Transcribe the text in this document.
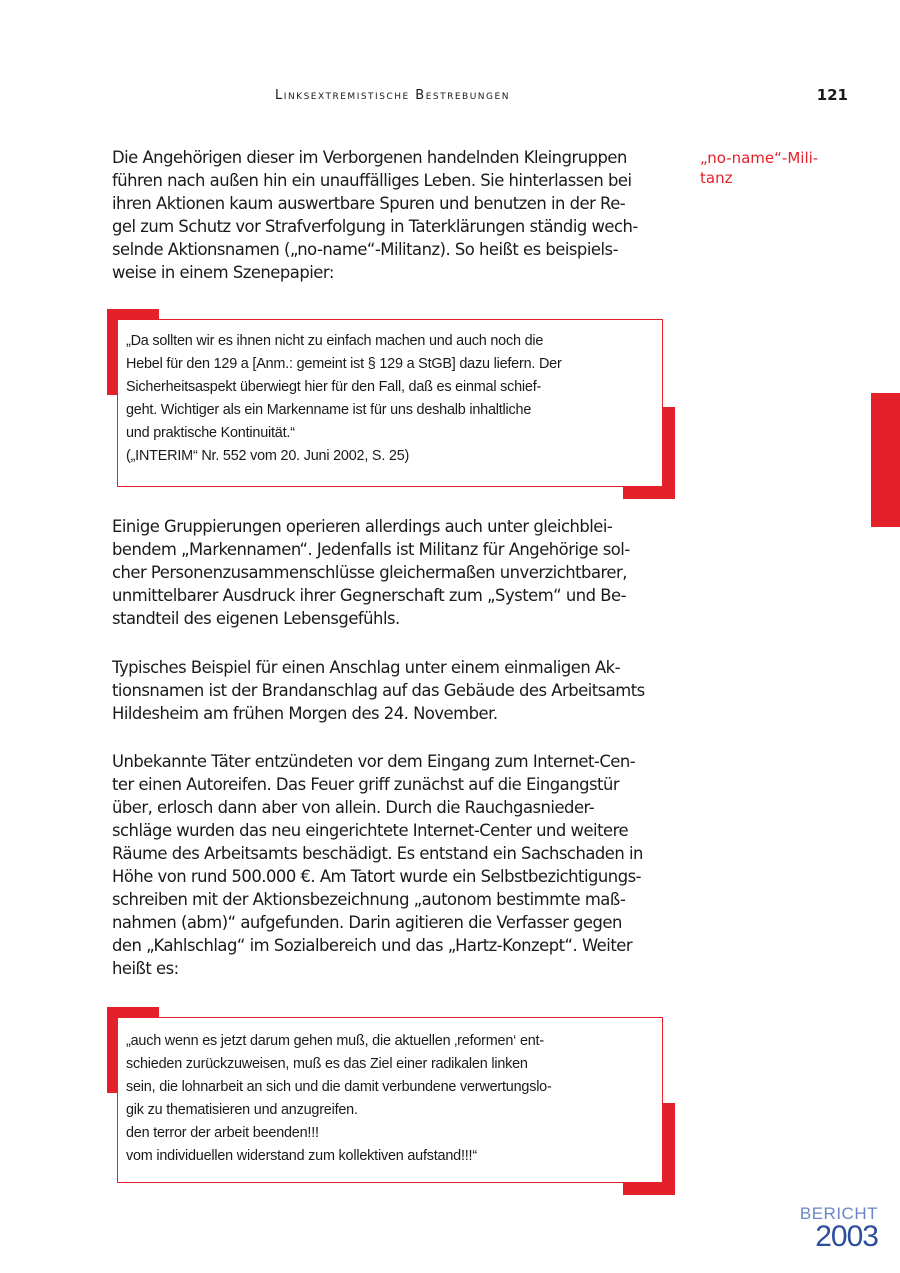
Linksextremistische Bestrebungen	121
„no-name“-Mili-
tanz

Die Angehörigen dieser im Verborgenen handelnden Kleingruppen
führen nach außen hin ein unauffälliges Leben. Sie hinterlassen bei
ihren Aktionen kaum auswertbare Spuren und benutzen in der Re-
gel zum Schutz vor Strafverfolgung in Taterklärungen ständig wech-
selnde Aktionsnamen („no-name“-Militanz). So heißt es beispiels-
weise in einem Szenepapier:

„Da sollten wir es ihnen nicht zu einfach machen und auch noch die
Hebel für den 129 a [Anm.: gemeint ist § 129 a StGB] dazu liefern. Der
Sicherheitsaspekt überwiegt hier für den Fall, daß es einmal schief-
geht. Wichtiger als ein Markenname ist für uns deshalb inhaltliche
und praktische Kontinuität.“
(„INTERIM“ Nr. 552 vom 20. Juni 2002, S. 25)

Einige Gruppierungen operieren allerdings auch unter gleichblei-
bendem „Markennamen“. Jedenfalls ist Militanz für Angehörige sol-
cher Personenzusammenschlüsse gleichermaßen unverzichtbarer,
unmittelbarer Ausdruck ihrer Gegnerschaft zum „System“ und Be-
standteil des eigenen Lebensgefühls.

Typisches Beispiel für einen Anschlag unter einem einmaligen Ak-
tionsnamen ist der Brandanschlag auf das Gebäude des Arbeitsamts
Hildesheim am frühen Morgen des 24. November.

Unbekannte Täter entzündeten vor dem Eingang zum Internet-Cen-
ter einen Autoreifen. Das Feuer griff zunächst auf die Eingangstür
über, erlosch dann aber von allein. Durch die Rauchgasnieder-
schläge wurden das neu eingerichtete Internet-Center und weitere
Räume des Arbeitsamts beschädigt. Es entstand ein Sachschaden in
Höhe von rund 500.000 €. Am Tatort wurde ein Selbstbezichtigungs-
schreiben mit der Aktionsbezeichnung „autonom bestimmte maß-
nahmen (abm)“ aufgefunden. Darin agitieren die Verfasser gegen
den „Kahlschlag“ im Sozialbereich und das „Hartz-Konzept“. Weiter
heißt es:

„auch wenn es jetzt darum gehen muß, die aktuellen ‚reformen‘ ent-
schieden zurückzuweisen, muß es das Ziel einer radikalen linken
sein, die lohnarbeit an sich und die damit verbundene verwertungslo-
gik zu thematisieren und anzugreifen.
den terror der arbeit beenden!!!
vom individuellen widerstand zum kollektiven aufstand!!!“

BERICHT
2003
